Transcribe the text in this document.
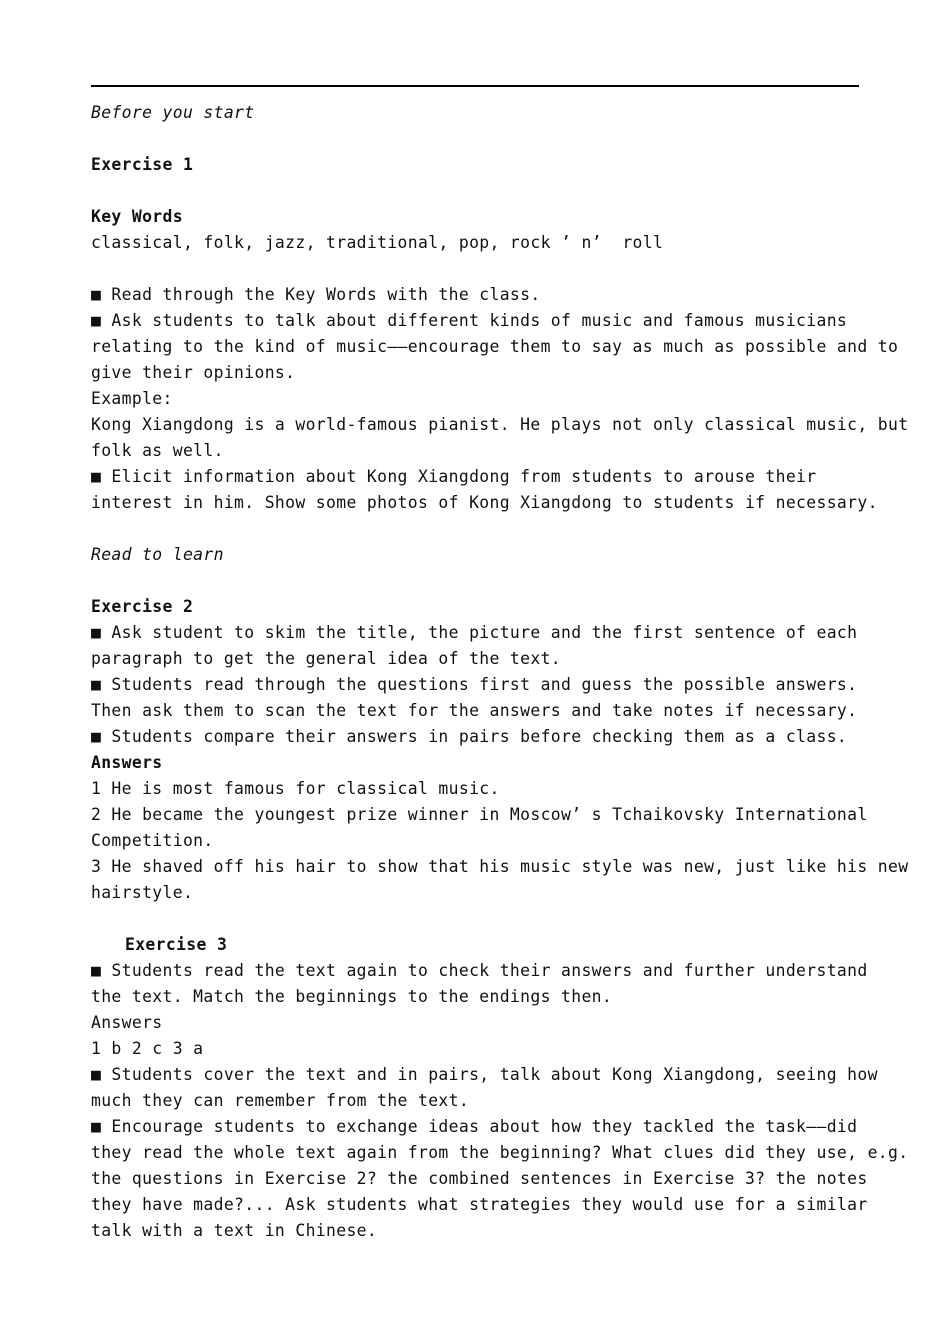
Before you start
Exercise 1
Key Words
classical, folk, jazz, traditional, pop, rock ’ n’  roll
■ Read through the Key Words with the class.
■ Ask students to talk about different kinds of music and famous musicians
relating to the kind of music——encourage them to say as much as possible and to
give their opinions.
Example:
Kong Xiangdong is a world-famous pianist. He plays not only classical music, but
folk as well.
■ Elicit information about Kong Xiangdong from students to arouse their
interest in him. Show some photos of Kong Xiangdong to students if necessary.
Read to learn
Exercise 2
■ Ask student to skim the title, the picture and the first sentence of each
paragraph to get the general idea of the text.
■ Students read through the questions first and guess the possible answers.
Then ask them to scan the text for the answers and take notes if necessary.
■ Students compare their answers in pairs before checking them as a class.
Answers
1 He is most famous for classical music.
2 He became the youngest prize winner in Moscow’ s Tchaikovsky International
Competition.
3 He shaved off his hair to show that his music style was new, just like his new
hairstyle.
Exercise 3
■ Students read the text again to check their answers and further understand
the text. Match the beginnings to the endings then.
Answers
1 b 2 c 3 a
■ Students cover the text and in pairs, talk about Kong Xiangdong, seeing how
much they can remember from the text.
■ Encourage students to exchange ideas about how they tackled the task——did
they read the whole text again from the beginning? What clues did they use, e.g.
the questions in Exercise 2? the combined sentences in Exercise 3? the notes
they have made?... Ask students what strategies they would use for a similar
talk with a text in Chinese.
